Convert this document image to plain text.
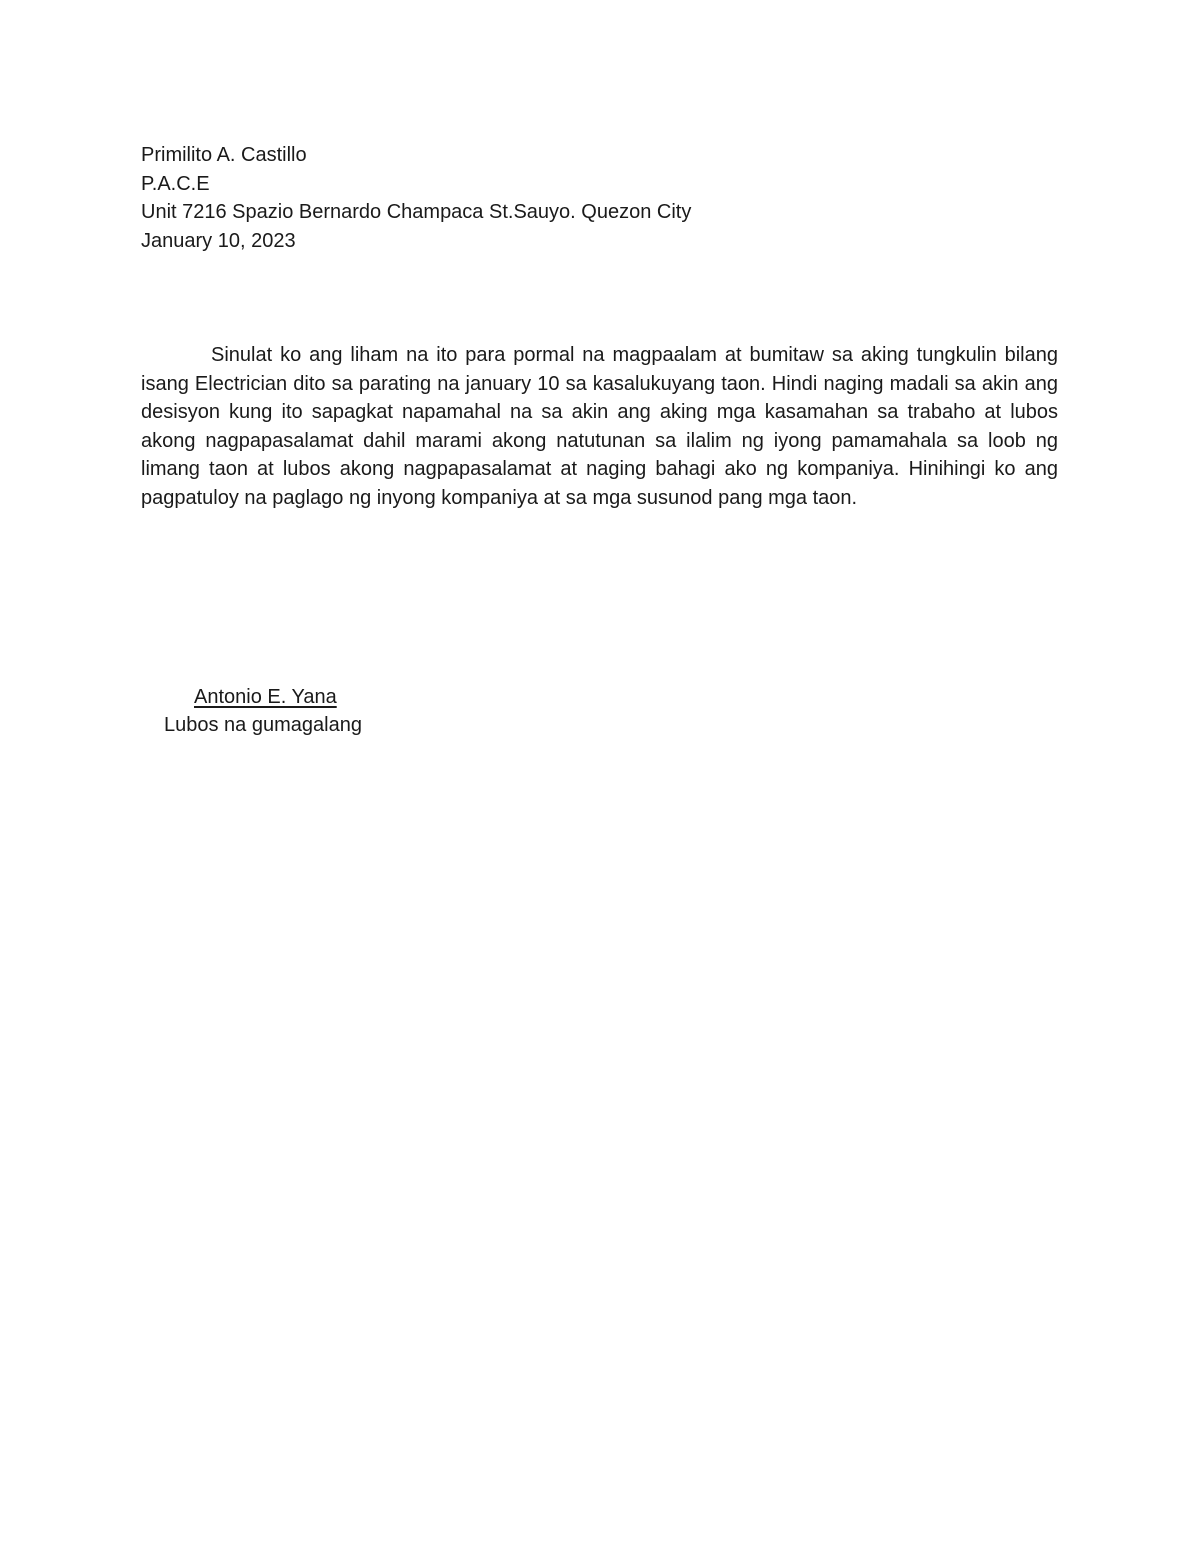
Primilito A. Castillo
P.A.C.E
Unit 7216 Spazio Bernardo Champaca St.Sauyo. Quezon City
January 10, 2023

Sinulat ko ang liham na ito para pormal na magpaalam at bumitaw sa aking tungkulin bilang isang Electrician dito sa parating na january 10 sa kasalukuyang taon. Hindi naging madali sa akin ang desisyon kung ito sapagkat napamahal na sa akin ang aking mga kasamahan sa trabaho at lubos akong nagpapasalamat dahil marami akong natutunan sa ilalim ng iyong pamamahala sa loob ng limang taon at lubos akong nagpapasalamat at naging bahagi ako ng kompaniya. Hinihingi ko ang pagpatuloy na paglago ng inyong kompaniya at sa mga susunod pang mga taon.

Antonio E. Yana
Lubos na gumagalang
